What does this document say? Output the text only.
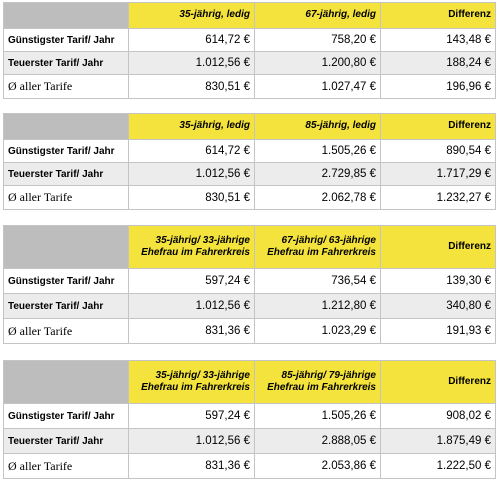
	35-jährig, ledig	67-jährig, ledig	Differenz
Günstigster Tarif/ Jahr	614,72 €	758,20 €	143,48 €
Teuerster Tarif/ Jahr	1.012,56 €	1.200,80 €	188,24 €
Ø aller Tarife	830,51 €	1.027,47 €	196,96 €
	35-jährig, ledig	85-jährig, ledig	Differenz
Günstigster Tarif/ Jahr	614,72 €	1.505,26 €	890,54 €
Teuerster Tarif/ Jahr	1.012,56 €	2.729,85 €	1.717,29 €
Ø aller Tarife	830,51 €	2.062,78 €	1.232,27 €
	35-jährig/ 33-jährige Ehefrau im Fahrerkreis	67-jährig/ 63-jährige Ehefrau im Fahrerkreis	Differenz
Günstigster Tarif/ Jahr	597,24 €	736,54 €	139,30 €
Teuerster Tarif/ Jahr	1.012,56 €	1.212,80 €	340,80 €
Ø aller Tarife	831,36 €	1.023,29 €	191,93 €
	35-jährig/ 33-jährige Ehefrau im Fahrerkreis	85-jährig/ 79-jährige Ehefrau im Fahrerkreis	Differenz
Günstigster Tarif/ Jahr	597,24 €	1.505,26 €	908,02 €
Teuerster Tarif/ Jahr	1.012,56 €	2.888,05 €	1.875,49 €
Ø aller Tarife	831,36 €	2.053,86 €	1.222,50 €
